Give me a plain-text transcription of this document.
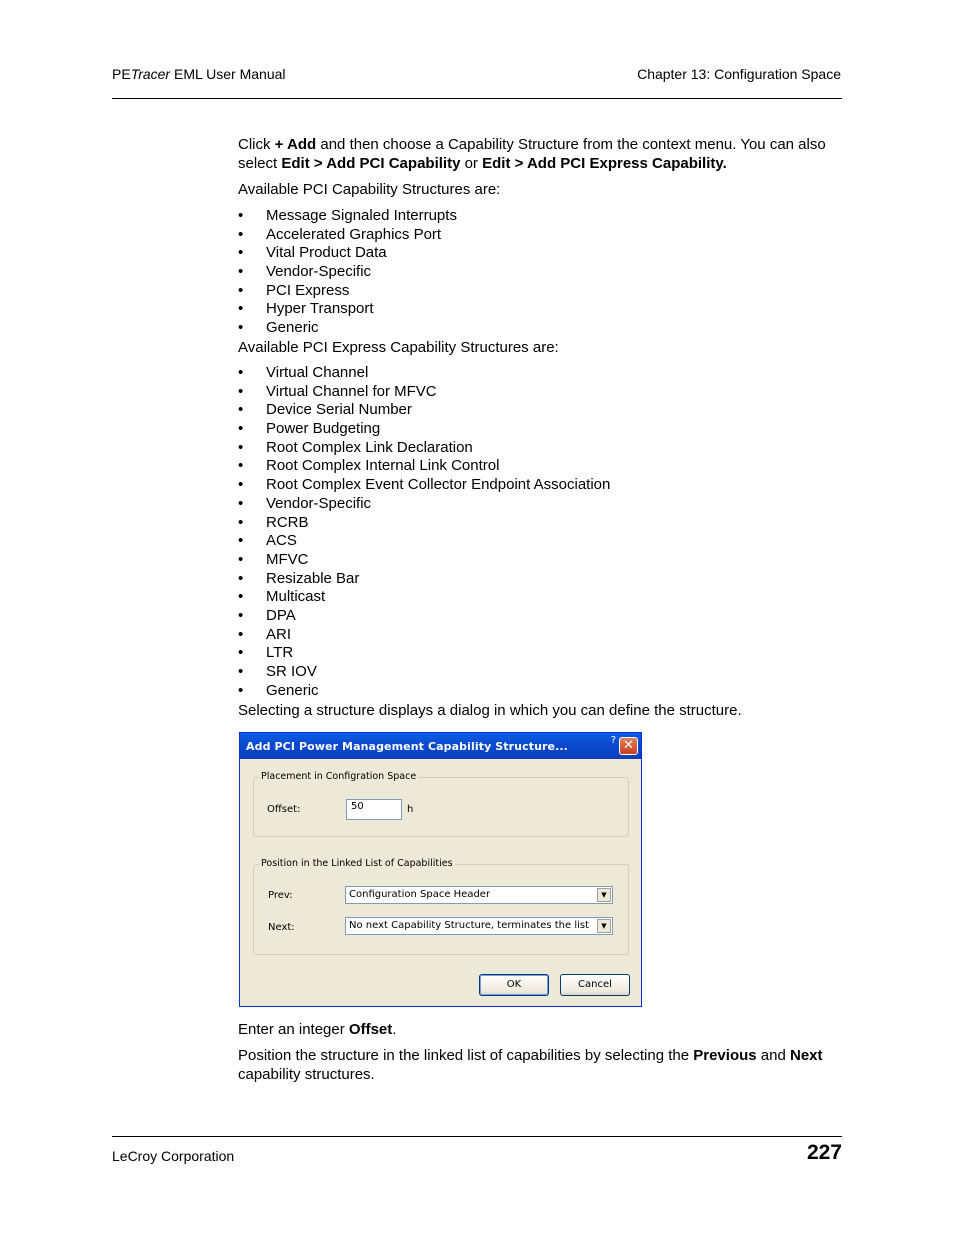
PETracer EML User Manual	Chapter 13: Configuration Space

Click + Add and then choose a Capability Structure from the context menu. You can also select Edit > Add PCI Capability or Edit > Add PCI Express Capability.

Available PCI Capability Structures are:

• Message Signaled Interrupts
• Accelerated Graphics Port
• Vital Product Data
• Vendor-Specific
• PCI Express
• Hyper Transport
• Generic

Available PCI Express Capability Structures are:

• Virtual Channel
• Virtual Channel for MFVC
• Device Serial Number
• Power Budgeting
• Root Complex Link Declaration
• Root Complex Internal Link Control
• Root Complex Event Collector Endpoint Association
• Vendor-Specific
• RCRB
• ACS
• MFVC
• Resizable Bar
• Multicast
• DPA
• ARI
• LTR
• SR IOV
• Generic

Selecting a structure displays a dialog in which you can define the structure.

Enter an integer Offset.

Position the structure in the linked list of capabilities by selecting the Previous and Next capability structures.

Add PCI Power Management Capability Structure...	? ✕
Placement in Configration Space
Offset:	50	h
Position in the Linked List of Capabilities
Prev:	Configuration Space Header	▼
Next:	No next Capability Structure, terminates the list	▼
OK	Cancel
LeCroy Corporation	227
